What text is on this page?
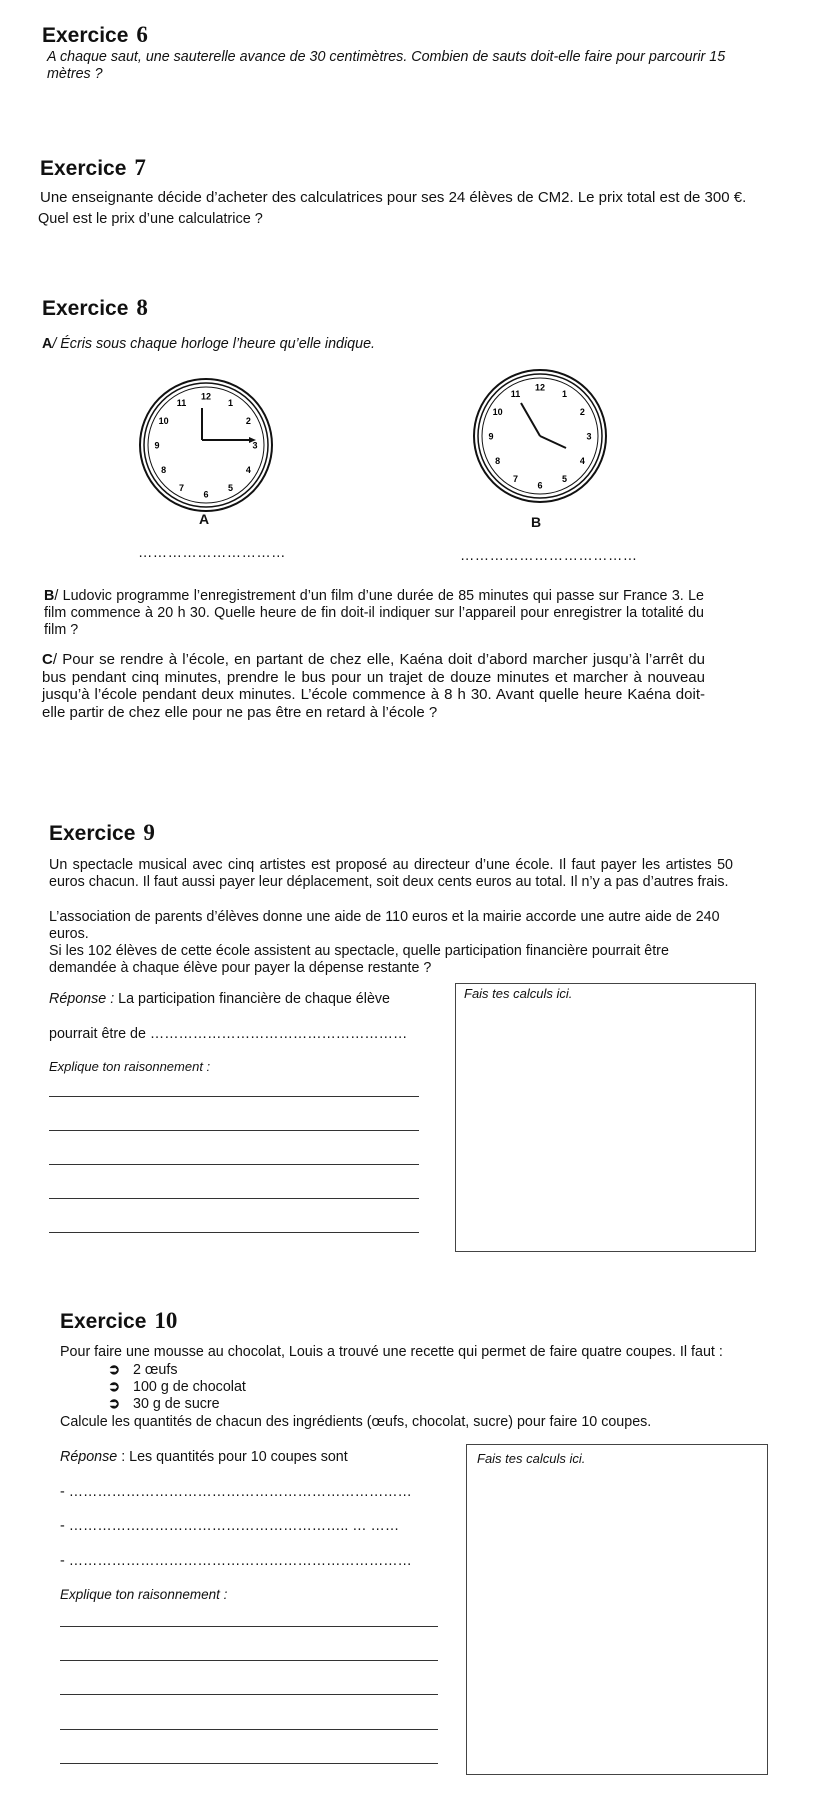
Exercice 6
A chaque saut, une sauterelle avance de 30 centimètres. Combien de sauts doit-elle faire pour parcourir 15 mètres ?
Exercice 7
Une enseignante décide d’acheter des calculatrices pour ses 24 élèves de CM2. Le prix total est de 300 €.
Quel est le prix d’une calculatrice ?
Exercice 8
A/ Écris sous chaque horloge l’heure qu’elle indique.
12
1
2
3
4
5
6
7
8
9
10
11
A
…………………………
12
1
2
3
4
5
6
7
8
9
10
11
B
………………………………
B/ Ludovic programme l’enregistrement d’un film d’une durée de 85 minutes qui passe sur France 3. Le film commence à 20 h 30. Quelle heure de fin doit-il indiquer sur l’appareil pour enregistrer la totalité du film ?
C/ Pour se rendre à l’école, en partant de chez elle, Kaéna doit d’abord marcher jusqu’à l’arrêt du bus pendant cinq minutes, prendre le bus pour un trajet de douze minutes et marcher à nouveau jusqu’à l’école pendant deux minutes. L’école commence à 8 h 30. Avant quelle heure Kaéna doit-elle partir de chez elle pour ne pas être en retard à l’école ?
Exercice 9
Un spectacle musical avec cinq artistes est proposé au directeur d’une école. Il faut payer les artistes 50 euros chacun. Il faut aussi payer leur déplacement, soit deux cents euros au total. Il n’y a pas d’autres frais.
L’association de parents d’élèves donne une aide de 110 euros et la mairie accorde une autre aide de 240 euros.
Si les 102 élèves de cette école assistent au spectacle, quelle participation financière pourrait être demandée à chaque élève pour payer la dépense restante ?
Réponse : La participation financière de chaque élève
pourrait être de ………………………………………………
Explique ton raisonnement :
Fais tes calculs ici.
Exercice 10
Pour faire une mousse au chocolat, Louis a trouvé une recette qui permet de faire quatre coupes. Il faut :
➲ 2 œufs
➲ 100 g de chocolat
➲ 30 g de sucre
Calcule les quantités de chacun des ingrédients (œufs, chocolat, sucre) pour faire 10 coupes.
Réponse : Les quantités pour 10 coupes sont
- ………………………………………………………………
- ………………………………………………….. … ……
- ………………………………………………………………
Explique ton raisonnement :
Fais tes calculs ici.
